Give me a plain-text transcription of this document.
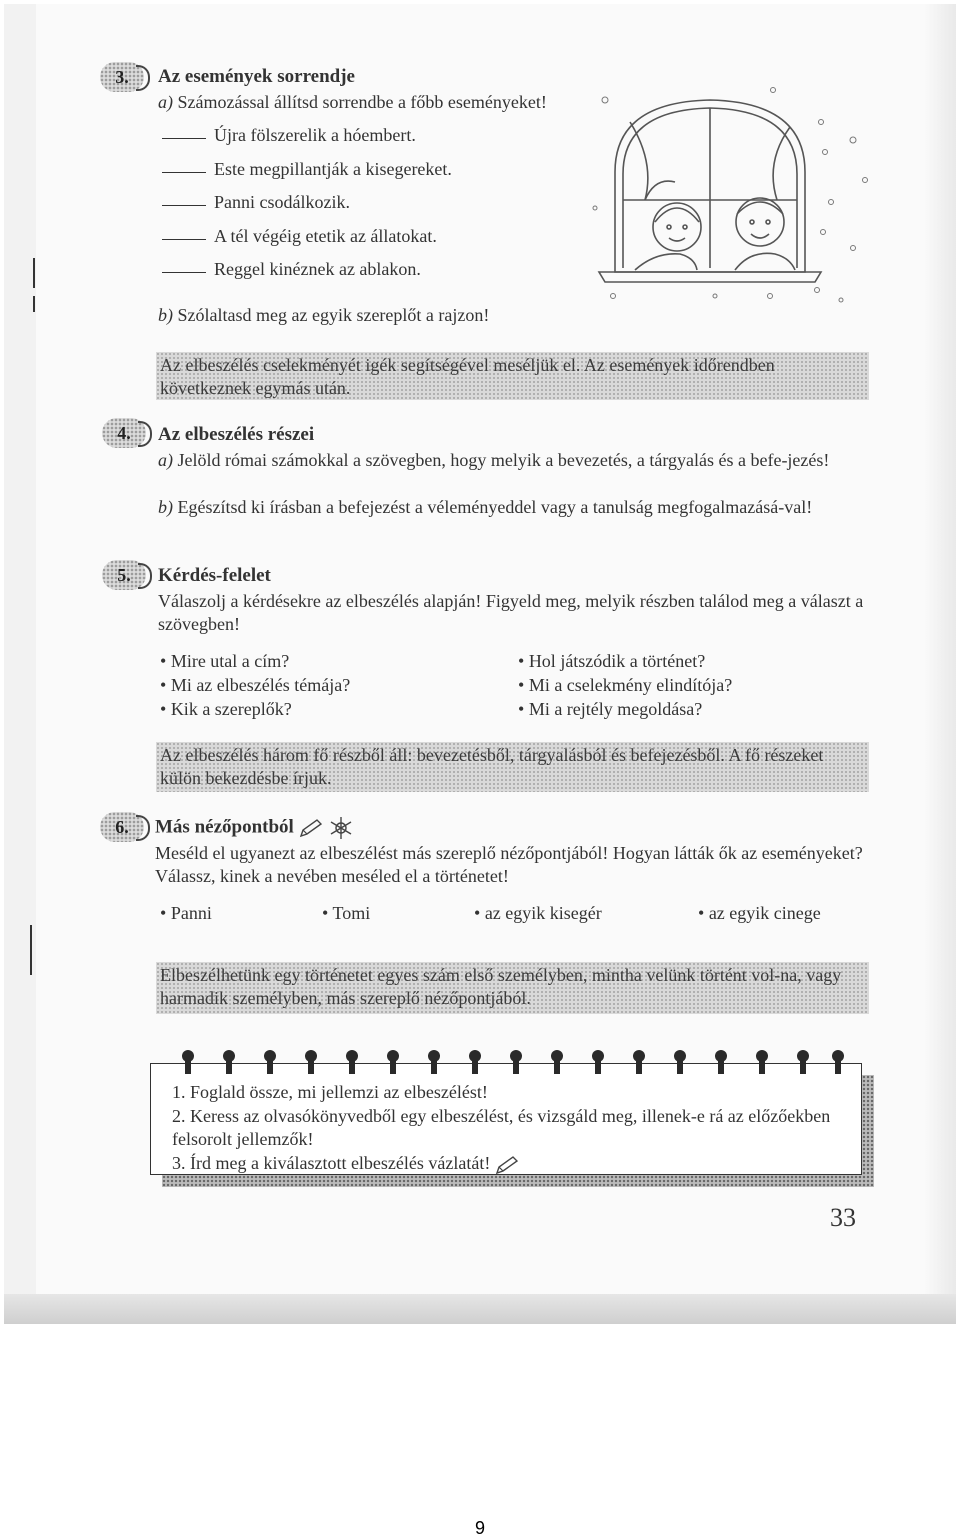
3.	Az események sorrendje
a) Számozással állítsd sorrendbe a főbb eseményeket!
Újra fölszerelik a hóembert.
Este megpillantják a kisegereket.
Panni csodálkozik.
A tél végéig etetik az állatokat.
Reggel kinéznek az ablakon.
b) Szólaltasd meg az egyik szereplőt a rajzon!
Az elbeszélés cselekményét igék segítségével meséljük el. Az események időrendben következnek egymás után.
4.	Az elbeszélés részei
a) Jelöld római számokkal a szövegben, hogy melyik a bevezetés, a tárgyalás és a befe-jezés!
b) Egészítsd ki írásban a befejezést a véleményeddel vagy a tanulság megfogalmazásá-val!
5.	Kérdés-felelet
Válaszolj a kérdésekre az elbeszélés alapján! Figyeld meg, melyik részben találod meg a választ a szövegben!
• Mire utal a cím?
• Mi az elbeszélés témája?
• Kik a szereplők?
• Hol játszódik a történet?
• Mi a cselekmény elindítója?
• Mi a rejtély megoldása?
Az elbeszélés három fő részből áll: bevezetésből, tárgyalásból és befejezésből. A fő részeket külön bekezdésbe írjuk.
6.	Más nézőpontból
Meséld el ugyanezt az elbeszélést más szereplő nézőpontjából! Hogyan látták ők az eseményeket? Válassz, kinek a nevében meséled el a történetet!
• Panni	• Tomi	• az egyik kisegér	• az egyik cinege
Elbeszélhetünk egy történetet egyes szám első személyben, mintha velünk történt vol-na, vagy harmadik személyben, más szereplő nézőpontjából.
1. Foglald össze, mi jellemzi az elbeszélést!
2. Keress az olvasókönyvedből egy elbeszélést, és vizsgáld meg, illenek-e rá az előzőekben felsorolt jellemzők!
3. Írd meg a kiválasztott elbeszélés vázlatát!
33
9
